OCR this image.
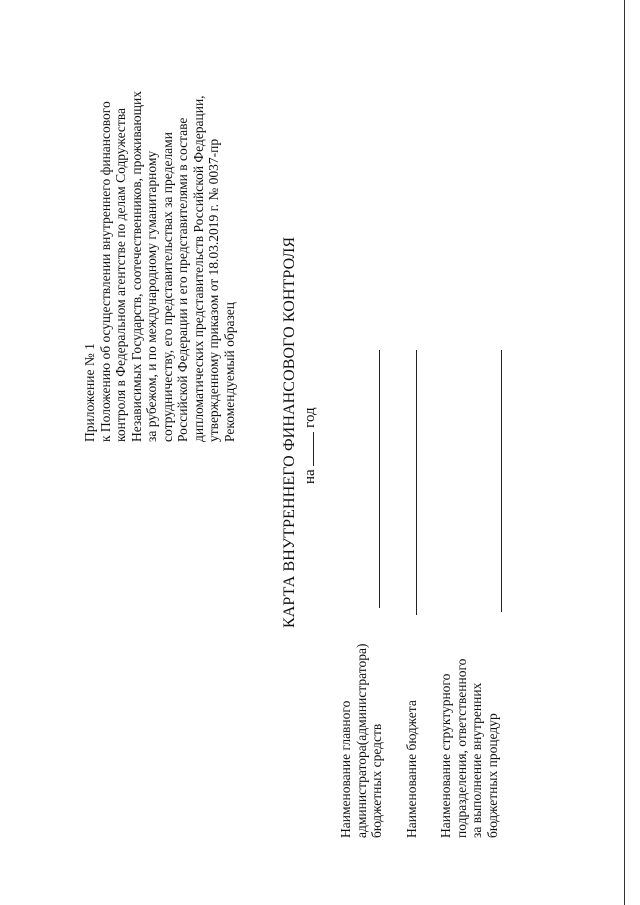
Приложение № 1 к Положению об осуществлении внутреннего финансового контроля в Федеральном агентстве по делам Содружества Независимых Государств, соотечественников, проживающих за рубежом, и по международному гуманитарному сотрудничеству, его представительствах за пределами Российской Федерации и его представителями в составе дипломатических представительств Российской Федерации, утвержденному приказом от 18.03.2019 г. № 0037-пр Рекомендуемый образец	КАРТА ВНУТРЕННЕГО ФИНАНСОВОГО КОНТРОЛЯ на  год
Наименование главного администратора(администратора) бюджетных средств Наименование бюджета Наименование структурного подразделения, ответственного за выполнение внутренних бюджетных процедур
